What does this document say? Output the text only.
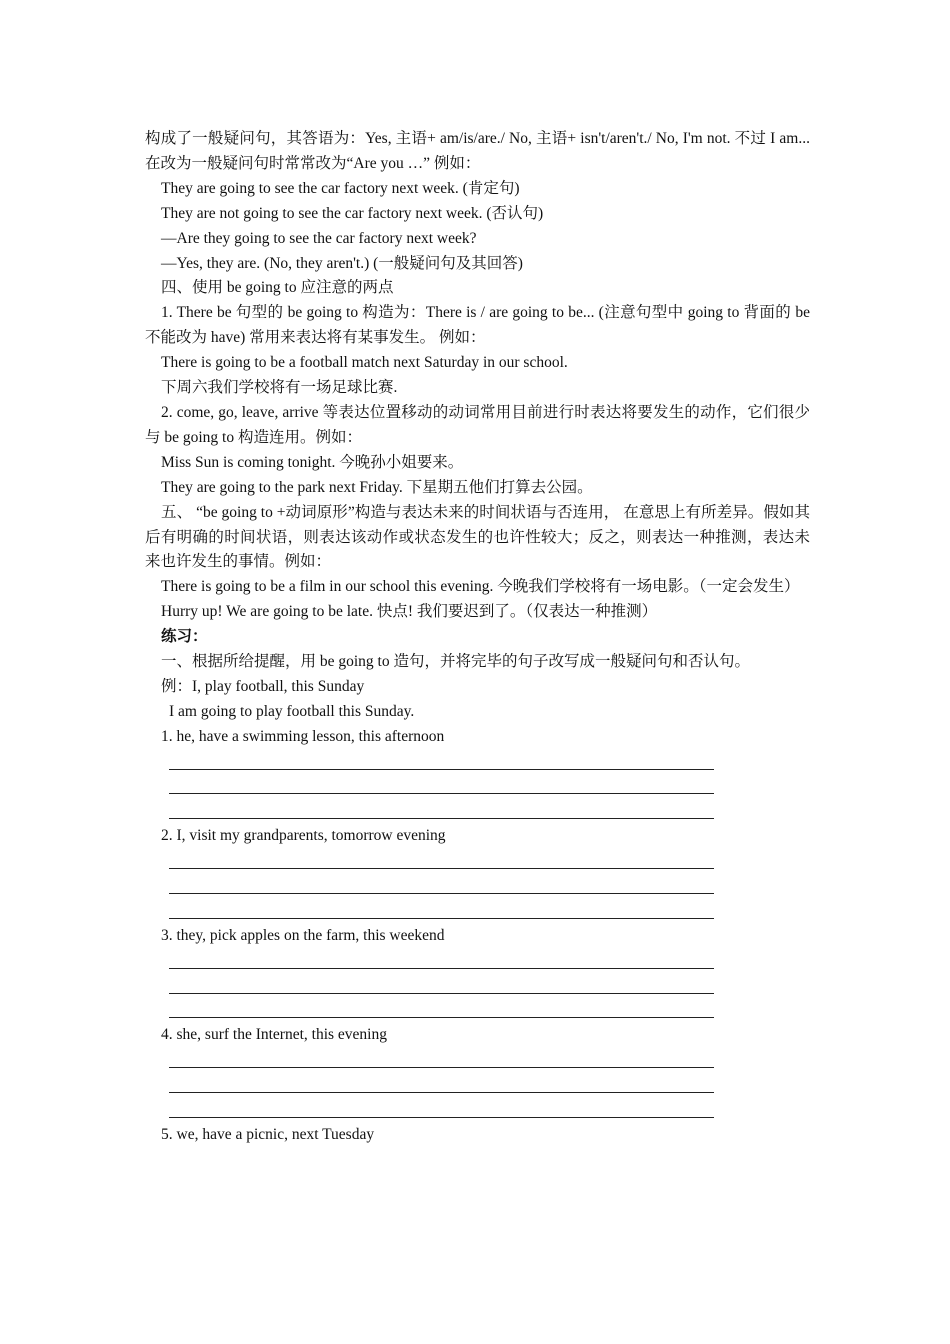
构成了一般疑问句，其答语为：Yes, 主语+ am/is/are./ No, 主语+ isn't/aren't./ No, I'm not. 不过 I am...在改为一般疑问句时常常改为“Are you …” 例如：

They are going to see the car factory next week. (肯定句)

They are not going to see the car factory next week. (否认句)

—Are they going to see the car factory next week?

—Yes, they are. (No, they aren't.) (一般疑问句及其回答)

四、使用 be going to 应注意的两点

1. There be 句型的 be going to 构造为：There is / are going to be... (注意句型中 going to 背面的 be 不能改为 have) 常用来表达将有某事发生。 例如：

There is going to be a football match next Saturday in our school.

下周六我们学校将有一场足球比赛.

2. come, go, leave, arrive 等表达位置移动的动词常用目前进行时表达将要发生的动作，它们很少与 be going to 构造连用。例如：

Miss Sun is coming tonight. 今晚孙小姐要来。

They are going to the park next Friday. 下星期五他们打算去公园。

五、 “be going to +动词原形”构造与表达未来的时间状语与否连用， 在意思上有所差异。假如其后有明确的时间状语，则表达该动作或状态发生的也许性较大；反之，则表达一种推测，表达未来也许发生的事情。例如：

There is going to be a film in our school this evening. 今晚我们学校将有一场电影。（一定会发生）

Hurry up! We are going to be late. 快点! 我们要迟到了。（仅表达一种推测）

练习：

一、根据所给提醒，用 be going to 造句，并将完毕的句子改写成一般疑问句和否认句。

例：I, play football, this Sunday

I am going to play football this Sunday.

1. he, have a swimming lesson, this afternoon

2. I, visit my grandparents, tomorrow evening

3. they, pick apples on the farm, this weekend

4. she, surf the Internet, this evening

5. we, have a picnic, next Tuesday
